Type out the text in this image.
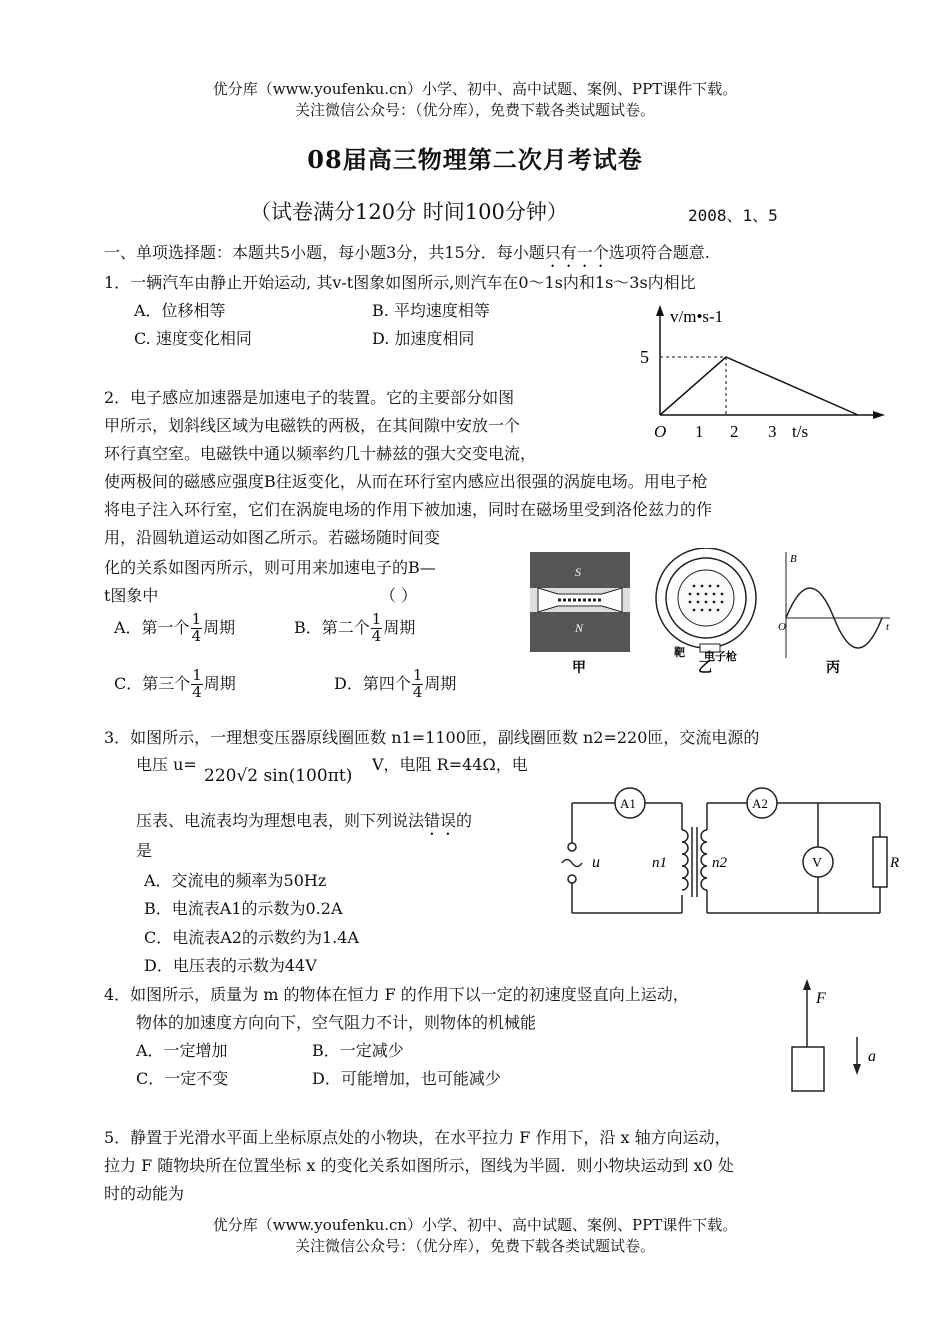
优分库（www.youfenku.cn）小学、初中、高中试题、案例、PPT课件下载。
关注微信公众号：（优分库），免费下载各类试题试卷。
08届高三物理第二次月考试卷
（试卷满分120分 时间100分钟）	2008、1、5
一、单项选择题：本题共5小题，每小题3分，共15分．每小题只有一个选项符合题意.
1．一辆汽车由静止开始运动, 其v-t图象如图所示,则汽车在0～1s内和1s～3s内相比
A．位移相等	B. 平均速度相等
C. 速度变化相同	D. 加速度相同
v/m•s-1
5
O 1 2 3 t/s
2．电子感应加速器是加速电子的装置。它的主要部分如图
甲所示，划斜线区域为电磁铁的两极，在其间隙中安放一个
环行真空室。电磁铁中通以频率约几十赫兹的强大交变电流，
使两极间的磁感应强度B往返变化，从而在环行室内感应出很强的涡旋电场。用电子枪
将电子注入环行室，它们在涡旋电场的作用下被加速，同时在磁场里受到洛伦兹力的作
用，沿圆轨道运动如图乙所示。若磁场随时间变
化的关系如图丙所示，则可用来加速电子的B—
t图象中	（ ）
A．第一个 $\frac{1}{4}$ 周期	B．第二个 $\frac{1}{4}$ 周期
C．第三个 $\frac{1}{4}$ 周期	D．第四个 $\frac{1}{4}$ 周期
S
N
甲
靶 电子枪
乙
B
O	t
丙
3．如图所示，一理想变压器原线圈匝数 n1=1100匝，副线圈匝数 n2=220匝，交流电源的
电压 u=
220√2 sin(100πt)
V，电阻 R=44Ω，电
压表、电流表均为理想电表，则下列说法错误的
是
A．交流电的频率为50Hz
B．电流表A1的示数为0.2A
C．电流表A2的示数约为1.4A
D．电压表的示数为44V
A1	A2
u	n1	n2	V	R
4．如图所示，质量为 m 的物体在恒力 F 的作用下以一定的初速度竖直向上运动，
物体的加速度方向向下，空气阻力不计，则物体的机械能
A．一定增加	B．一定减少
C．一定不变	D．可能增加，也可能减少
F
a
5．静置于光滑水平面上坐标原点处的小物块，在水平拉力 F 作用下，沿 x 轴方向运动，
拉力 F 随物块所在位置坐标 x 的变化关系如图所示，图线为半圆．则小物块运动到 x0 处
时的动能为
优分库（www.youfenku.cn）小学、初中、高中试题、案例、PPT课件下载。
关注微信公众号：（优分库），免费下载各类试题试卷。
